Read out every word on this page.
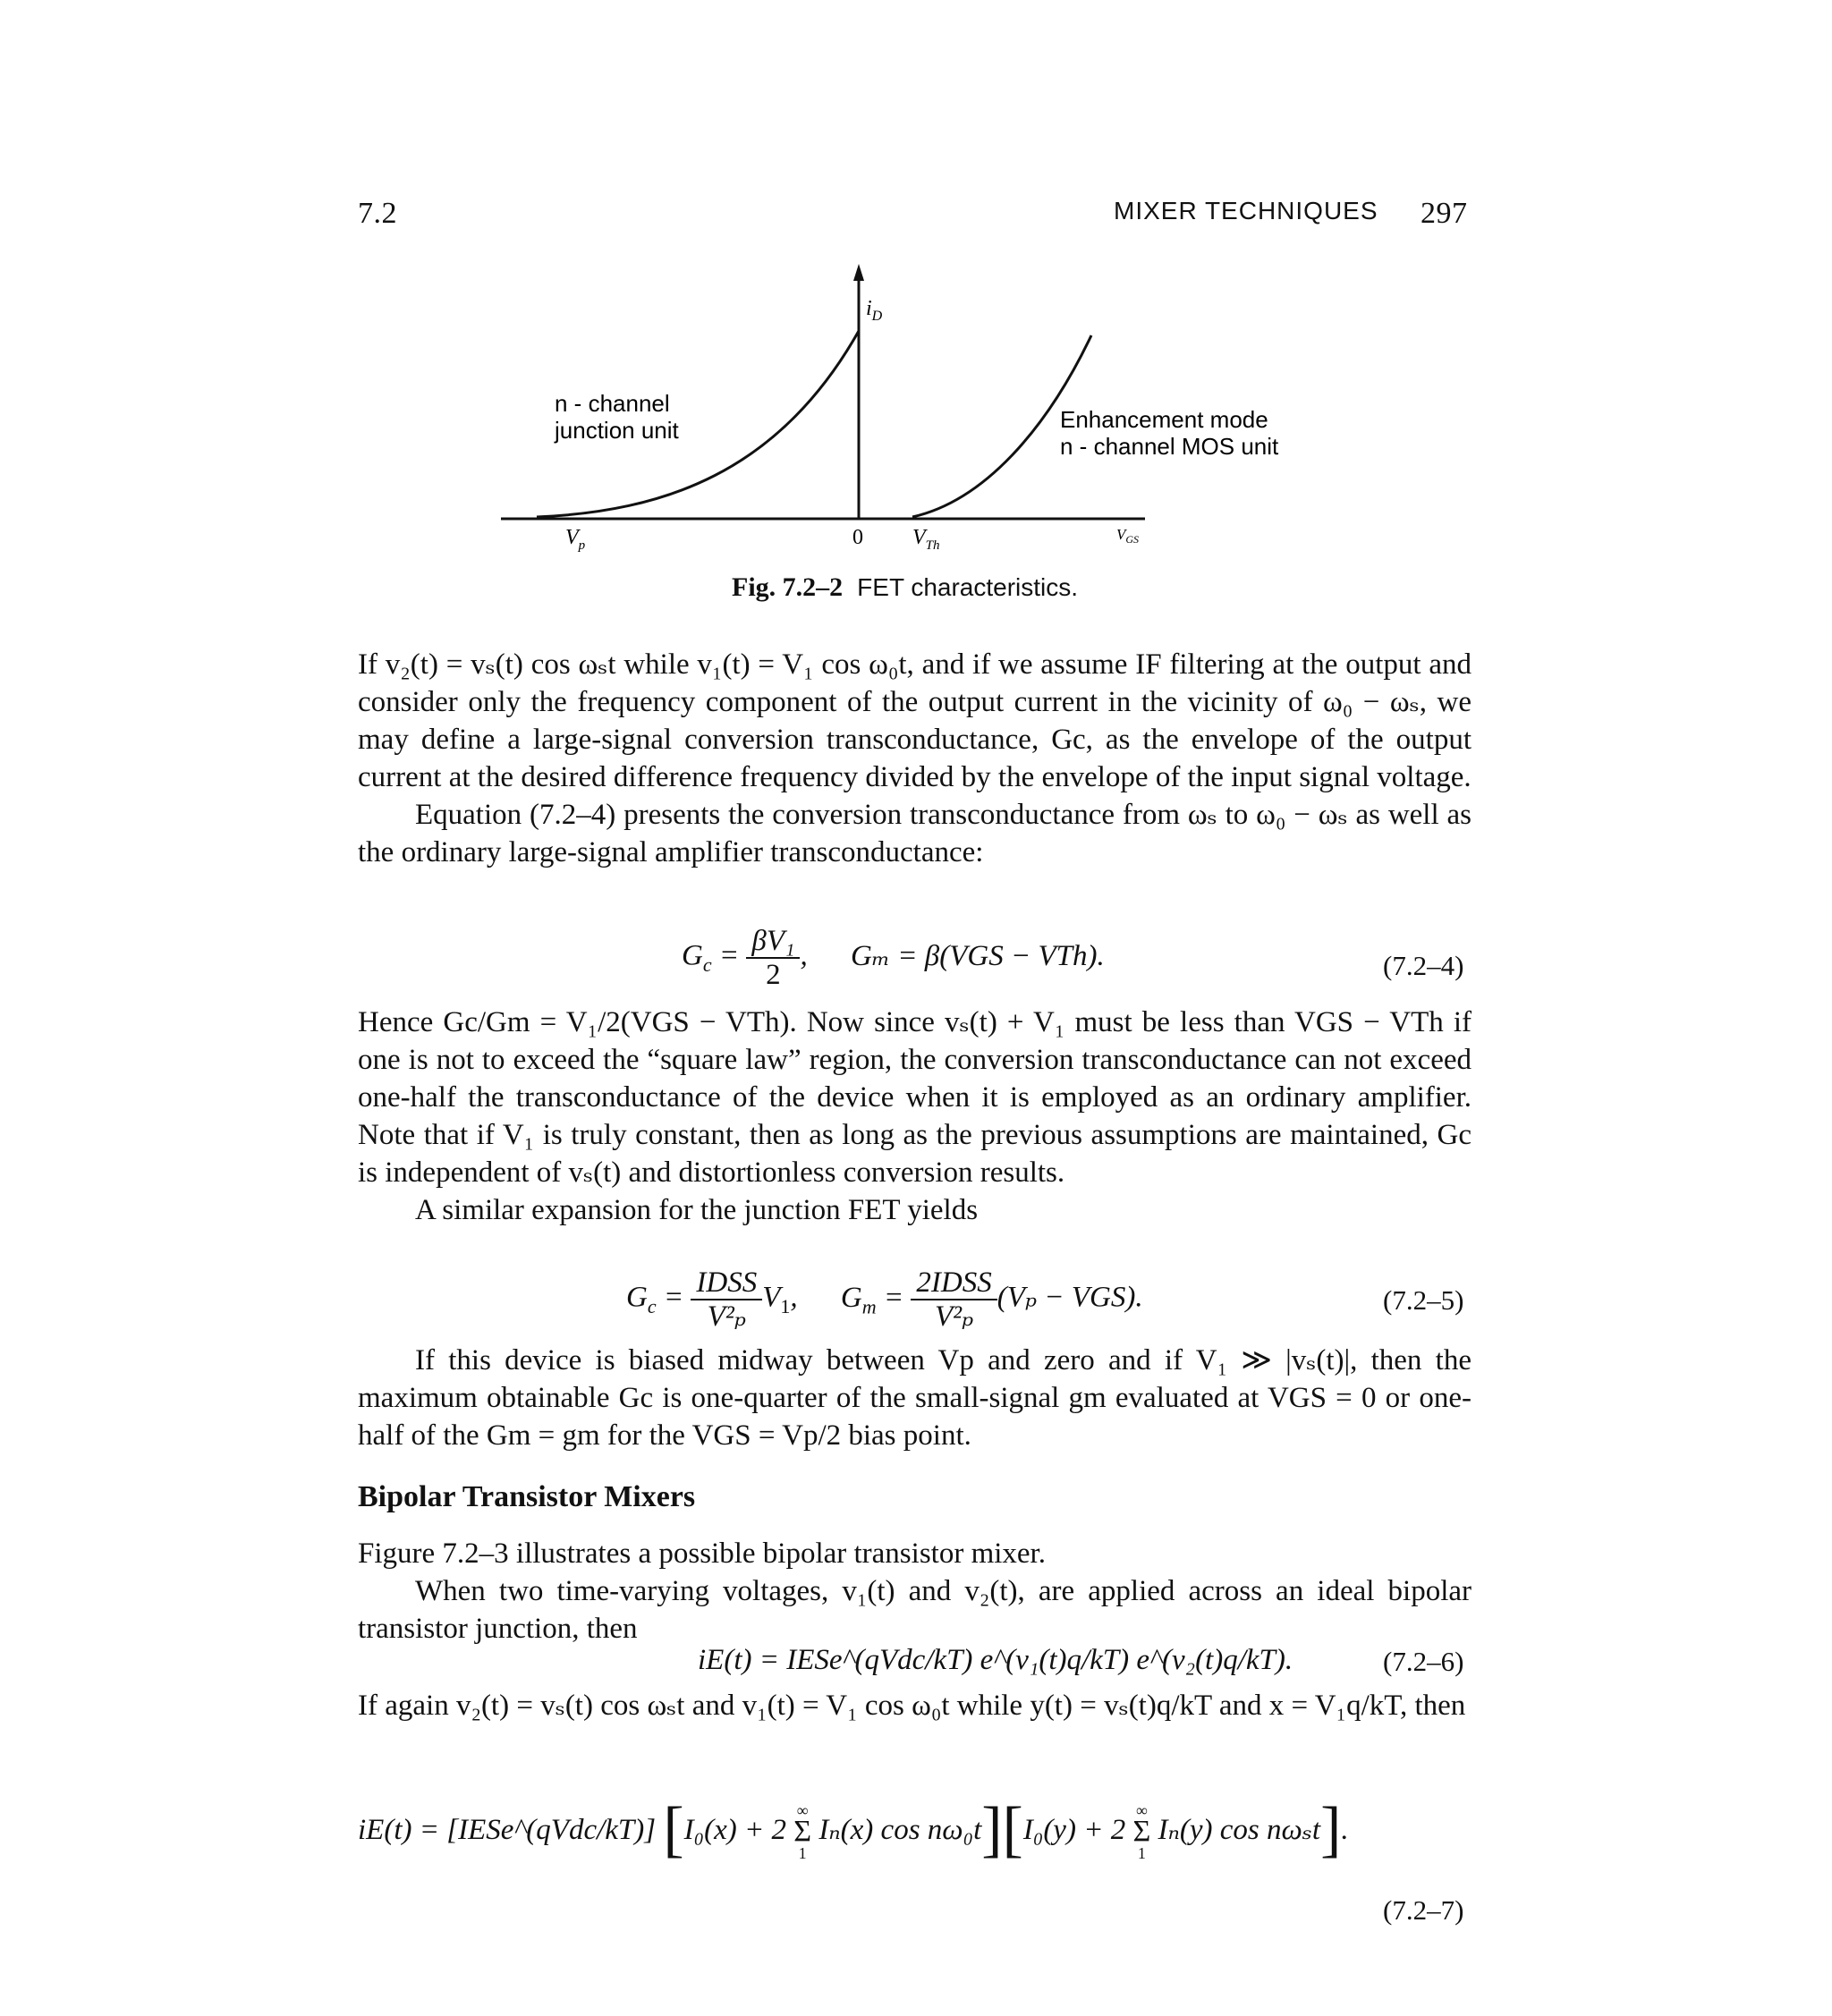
7.2	MIXER TECHNIQUES 297
$i_D$
n - channel
junction unit	Enhancement mode
n - channel MOS unit
$V_p$	0 $V_{Th}$
$V_{GS}$
Fig. 7.2–2 FET characteristics.

If v₂(t) = vₛ(t) cos ωₛt while v₁(t) = V₁ cos ω₀t, and if we assume IF filtering at the output and consider only the frequency component of the output current in the vicinity of ω₀ − ωₛ, we may define a large-signal conversion transconductance, Gc, as the envelope of the output current at the desired difference frequency divided by the envelope of the input signal voltage.

Equation (7.2–4) presents the conversion transconductance from ωₛ to ω₀ − ωₛ as well as the ordinary large-signal amplifier transconductance:

$G_c = \frac{\text{βV₁}}{2}$ , Gₘ = β(VGS − VTh).	(7.2–4)

Hence Gc/Gm = V₁/2(VGS − VTh). Now since vₛ(t) + V₁ must be less than VGS − VTh if one is not to exceed the “square law” region, the conversion transconductance can not exceed one-half the transconductance of the device when it is employed as an ordinary amplifier. Note that if V₁ is truly constant, then as long as the previous assumptions are maintained, Gc is independent of vₛ(t) and distortionless conversion results.

A similar expansion for the junction FET yields

$G_c$ = IDSS
V²ₚ
$V_1$, $G_m$ = 2IDSS
V²ₚ
(Vₚ − VGS).	(7.2–5)

If this device is biased midway between Vp and zero and if V₁ ≫ |vₛ(t)|, then the maximum obtainable Gc is one-quarter of the small-signal gm evaluated at VGS = 0 or one-half of the Gm = gm for the VGS = Vp/2 bias point.

Bipolar Transistor Mixers

Figure 7.2–3 illustrates a possible bipolar transistor mixer.

When two time-varying voltages, v₁(t) and v₂(t), are applied across an ideal bipolar transistor junction, then

iE(t) = IESe^(qVdc/kT) e^(v₁(t)q/kT) e^(v₂(t)q/kT).	(7.2–6)

If again v₂(t) = vₛ(t) cos ωₛt and v₁(t) = V₁ cos ω₀t while y(t) = vₛ(t)q/kT and x = V₁q/kT, then

iE(t) = [IESe^(qVdc/kT)] [I₀(x) + 2
∞
Σ
1
Iₙ(x) cos nω₀t][I₀(y) + 2
∞
Σ
1
Iₙ(y) cos nωₛt].
(7.2–7)
